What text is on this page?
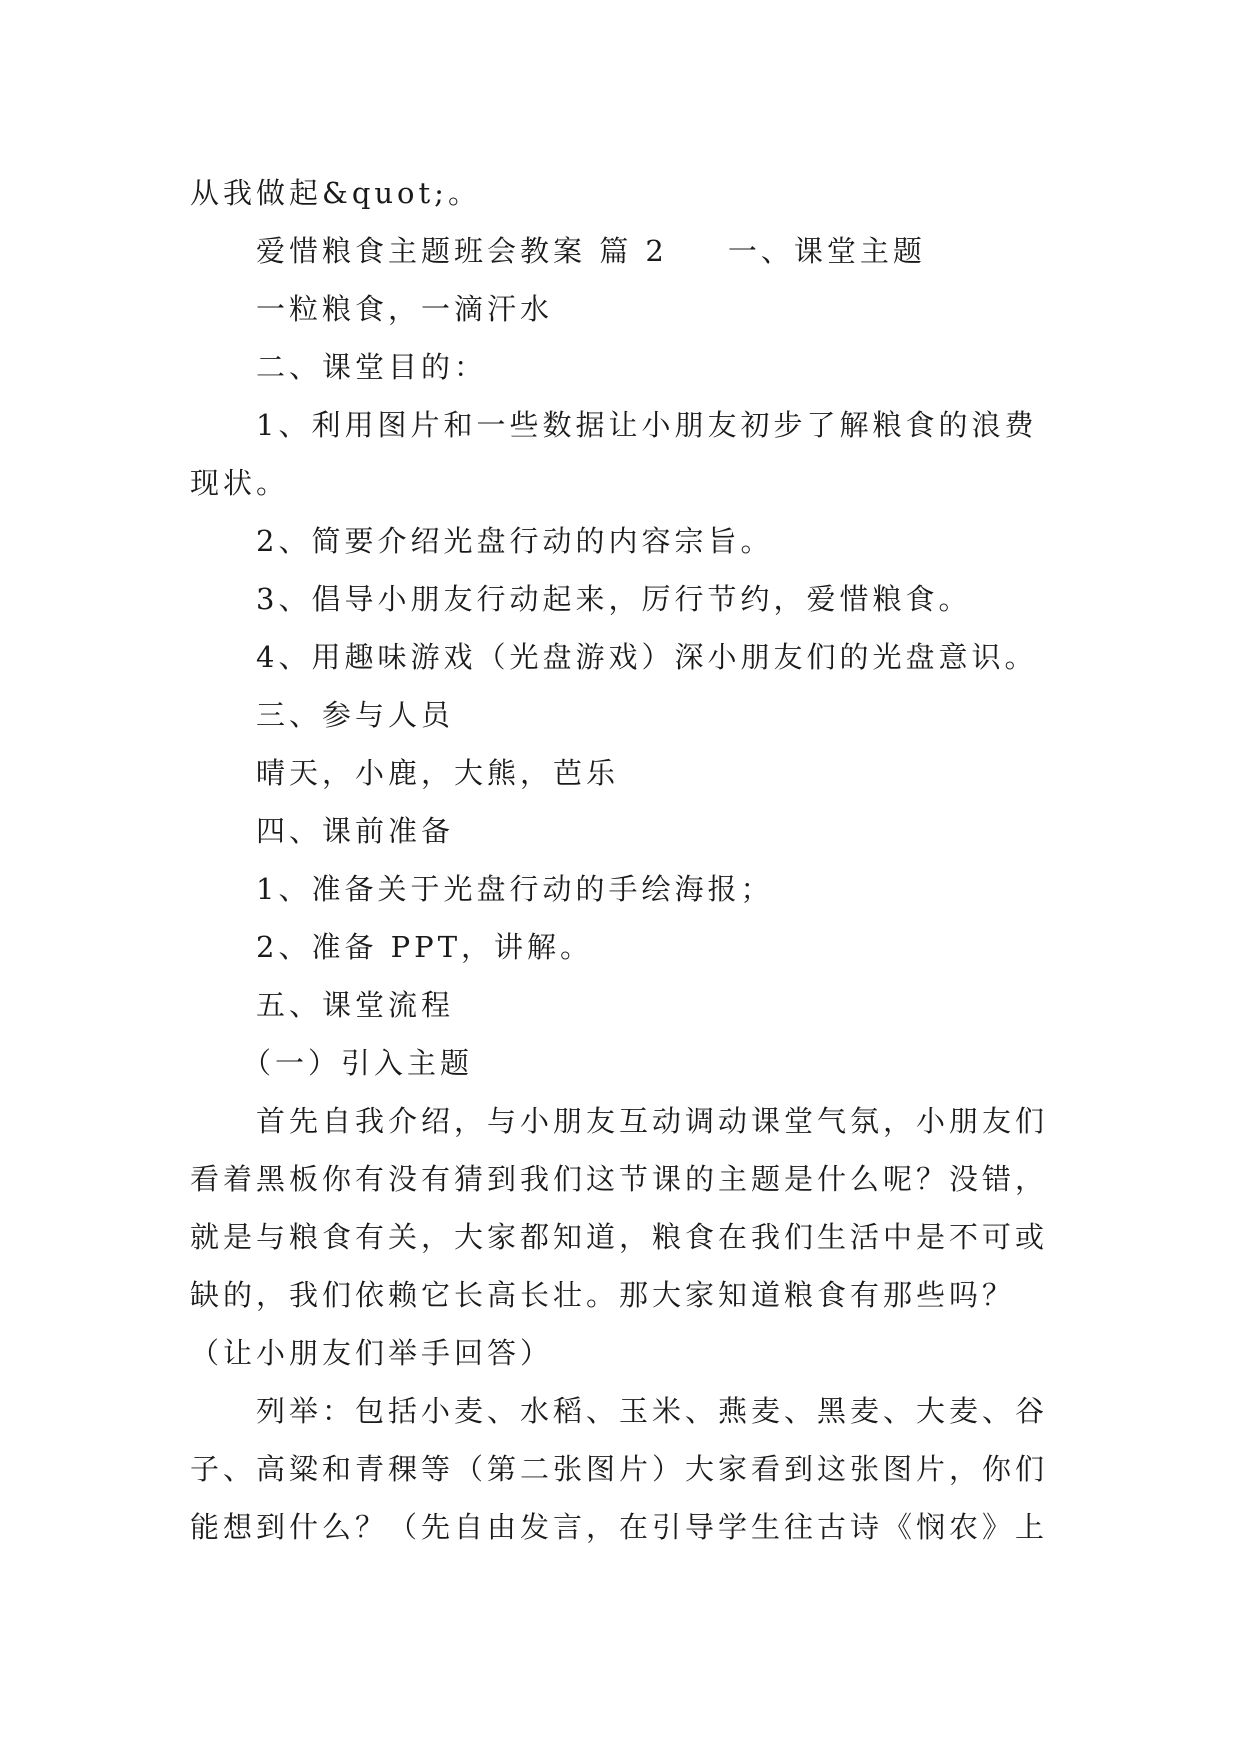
从我做起&quot;。
爱惜粮食主题班会教案 篇 2 一、课堂主题
一粒粮食，一滴汗水
二、课堂目的：
1、利用图片和一些数据让小朋友初步了解粮食的浪费
现状。
2、简要介绍光盘行动的内容宗旨。
3、倡导小朋友行动起来，厉行节约，爱惜粮食。
4、用趣味游戏（光盘游戏）深小朋友们的光盘意识。
三、参与人员
晴天，小鹿，大熊，芭乐
四、课前准备
1、准备关于光盘行动的手绘海报；
2、准备 PPT，讲解。
五、课堂流程
（一）引入主题
首先自我介绍，与小朋友互动调动课堂气氛，小朋友们
看着黑板你有没有猜到我们这节课的主题是什么呢？没错，
就是与粮食有关，大家都知道，粮食在我们生活中是不可或
缺的，我们依赖它长高长壮。那大家知道粮食有那些吗？
（让小朋友们举手回答）
列举：包括小麦、水稻、玉米、燕麦、黑麦、大麦、谷
子、高粱和青稞等（第二张图片）大家看到这张图片，你们
能想到什么？（先自由发言，在引导学生往古诗《悯农》上
